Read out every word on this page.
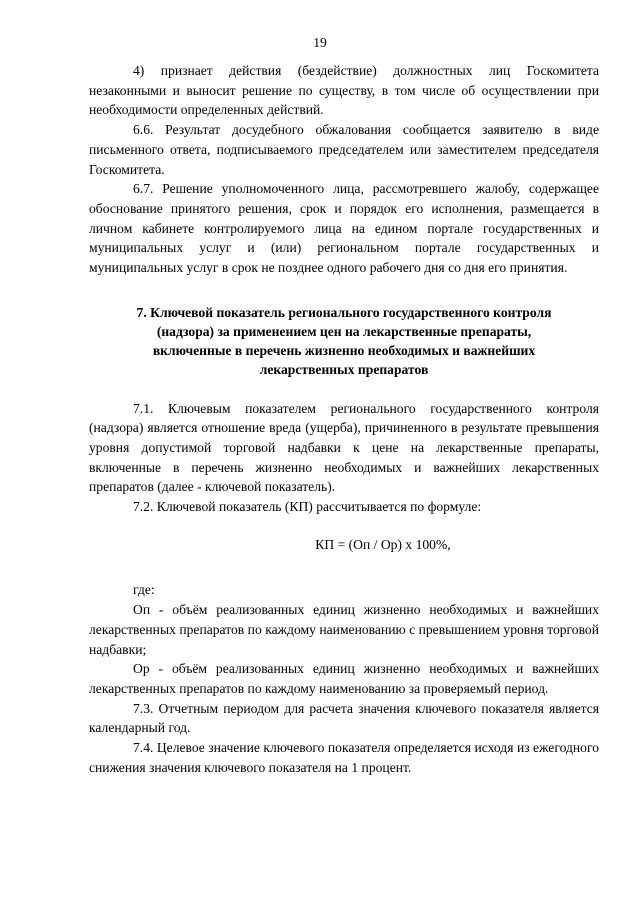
19

4) признает действия (бездействие) должностных лиц Госкомитета незаконными и выносит решение по существу, в том числе об осуществлении при необходимости определенных действий.

6.6. Результат досудебного обжалования сообщается заявителю в виде письменного ответа, подписываемого председателем или заместителем председателя Госкомитета.

6.7. Решение уполномоченного лица, рассмотревшего жалобу, содержащее обоснование принятого решения, срок и порядок его исполнения, размещается в личном кабинете контролируемого лица на едином портале государственных и муниципальных услуг и (или) региональном портале государственных и муниципальных услуг в срок не позднее одного рабочего дня со дня его принятия.

7. Ключевой показатель регионального государственного контроля
(надзора) за применением цен на лекарственные препараты,
включенные в перечень жизненно необходимых и важнейших
лекарственных препаратов

7.1. Ключевым показателем регионального государственного контроля (надзора) является отношение вреда (ущерба), причиненного в результате превышения уровня допустимой торговой надбавки к цене на лекарственные препараты, включенные в перечень жизненно необходимых и важнейших лекарственных препаратов (далее - ключевой показатель).

7.2. Ключевой показатель (КП) рассчитывается по формуле:

КП = (Оп / Ор) х 100%,

где:

Оп - объём реализованных единиц жизненно необходимых и важнейших лекарственных препаратов по каждому наименованию с превышением уровня торговой надбавки;

Ор - объём реализованных единиц жизненно необходимых и важнейших лекарственных препаратов по каждому наименованию за проверяемый период.

7.3. Отчетным периодом для расчета значения ключевого показателя является календарный год.

7.4. Целевое значение ключевого показателя определяется исходя из ежегодного снижения значения ключевого показателя на 1 процент.
